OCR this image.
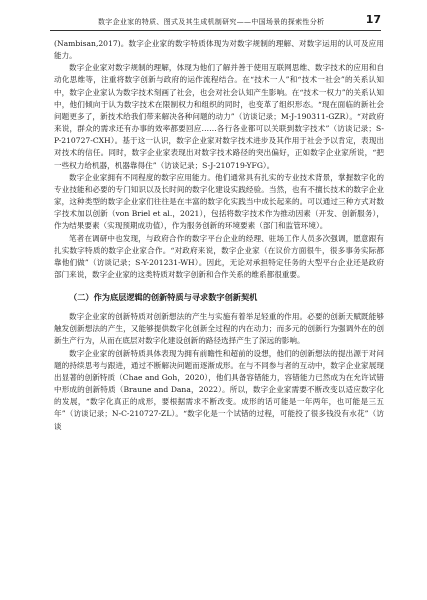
数字企业家的特质、图式及其生成机制研究——中国场景的探索性分析	17

(Nambisan,2017)。数字企业家的数字特质体现为对数字规制的理解、对数字运用的认可及应用能力。

数字企业家对数字规制的理解，体现为他们了解并善于使用互联网思维、数字技术的应用和自动化思维等，注重将数字创新与政府的运作流程结合。在“技术一人”和“技术一社会”的关系认知中，数字企业家认为数字技术刻画了社会，也会对社会认知产生影响。在“技术一权力”的关系认知中，他们倾向于认为数字技术在限制权力和组织的同时，也变革了组织形态。“现在面临的新社会问题更多了，新技术给我们带来解决各种问题的动力”（访谈记录；M-J-190311-GZR）。“对政府来说，群众的需求还有办事的效率都要回应……各行各业都可以关联到数字技术”（访谈记录；S-P-210727-CXH）。基于这一认识，数字企业家对数字技术进步及其作用于社会予以肯定，表现出对技术的信任。同时，数字企业家表现出对数字技术路径的突出偏好，正如数字企业家所说，“把一些权力给机器，机器靠得住”（访谈记录；S-J-210719-YFG）。

数字企业家拥有不同程度的数字应用能力。他们通常具有扎实的专业技术背景，掌握数字化的专业技能和必要的专门知识以及长时间的数字化建设实践经验。当然，也有不擅长技术的数字企业家，这种类型的数字企业家们往往是在丰富的数字化实践当中成长起来的。可以通过三种方式对数字技术加以创新（von Briel et al.，2021），包括将数字技术作为推动因素（开发、创新服务），作为结果要素（实现预期成功值），作为服务创新的环境要素（部门和监管环境）。

笔者在调研中也发现，与政府合作的数字平台企业的经理、驻场工作人员多次强调，愿意跟有扎实数字特质的数字企业家合作。“对政府来说，数字企业家（在议价方面很牛，很多事务实际都靠他们做”（访谈记录；S-Y-201231-WH）。因此，无论对承担特定任务的大型平台企业还是政府部门来说，数字企业家的这类特质对数字创新和合作关系的维系都很重要。

（二）作为底层逻辑的创新特质与寻求数字创新契机

数字企业家的创新特质对创新想法的产生与实施有着举足轻重的作用。必要的创新天赋既能够触发创新想法的产生，又能够提供数字化创新全过程的内在动力；而多元的创新行为强调外在的创新生产行为，从而在底层对数字化建设创新的路径选择产生了深远的影响。

数字企业家的创新特质具体表现为拥有前瞻性和超前的设想，他们的创新想法的提出源于对问题的持续思考与跟进，通过不断解决问题而逐渐成形。在与不同参与者的互动中，数字企业家展现出显著的创新特质（Chae and Goh，2020），他们具备容错能力，容错能力已然成为在允许试错中形成的创新特质（Braune and Dana，2022）。所以，数字企业家需要不断改变以适应数字化的发展，“数字化真正的成形，要根据需求不断改变。成形的话可能是一年两年，也可能是三五年”（访谈记录；N-C-210727-ZL）。“数字化是一个试错的过程，可能投了很多钱没有水花”（访谈
